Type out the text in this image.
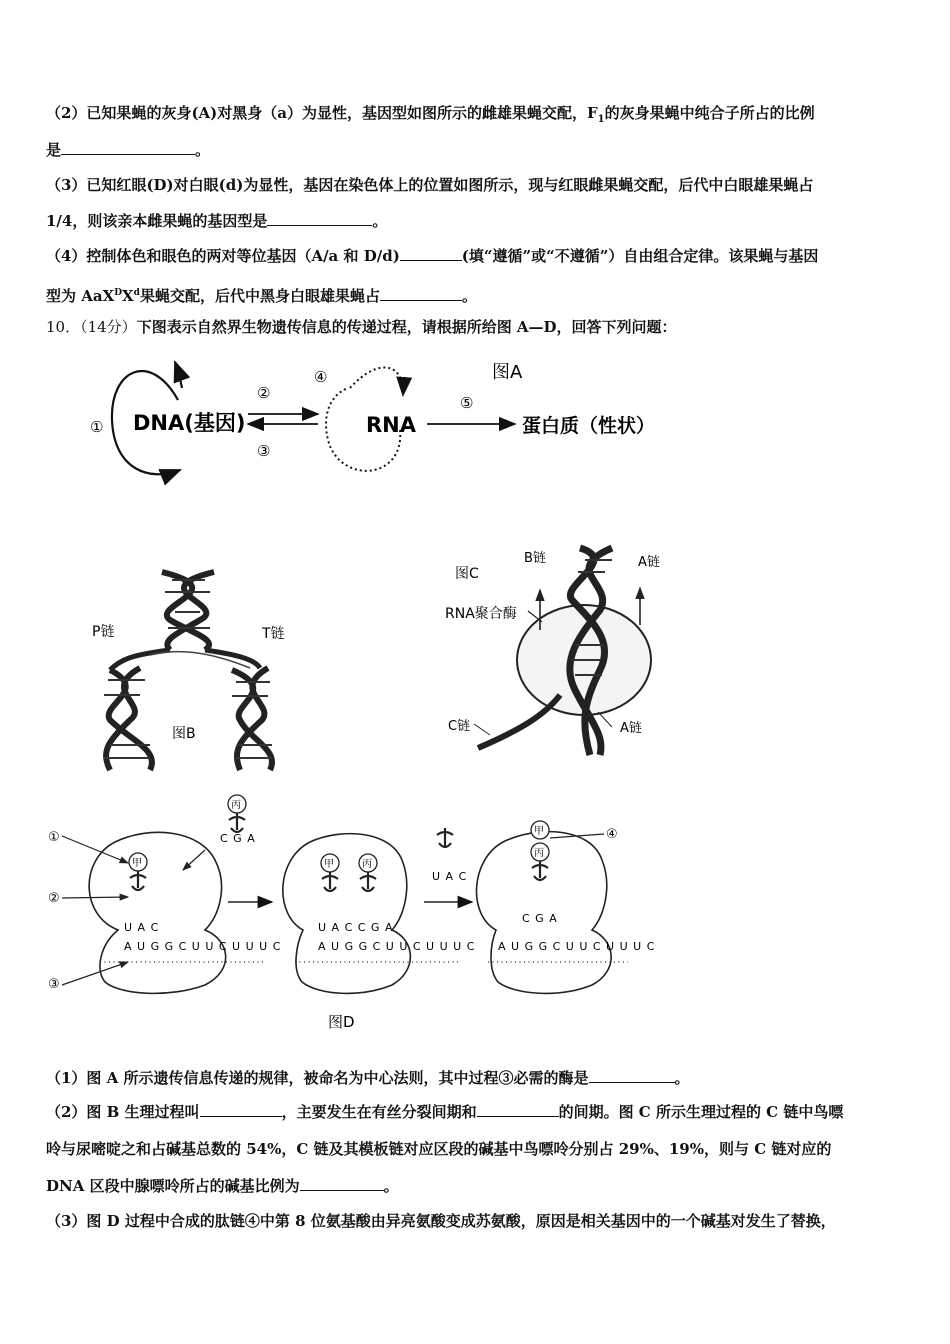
（2）已知果蝇的灰身(A)对黑身（a）为显性，基因型如图所示的雌雄果蝇交配，$F_1$的灰身果蝇中纯合子所占的比例
是	。
（3）已知红眼(D)对白眼(d)为显性，基因在染色体上的位置如图所示，现与红眼雌果蝇交配，后代中白眼雄果蝇占
1/4，则该亲本雌果蝇的基因型是	。
（4）控制体色和眼色的两对等位基因（A/a 和 D/d)	(填“遵循”或“不遵循”）自由组合定律。该果蝇与基因
型为 $AaX^DX^d$果蝇交配，后代中黑身白眼雄果蝇占	。
10．（14分）下图表示自然界生物遗传信息的传递过程，请根据所给图 A—D，回答下列问题：
图A
① DNA(基因)
②
③
④
RNA
⑤
蛋白质（性状）
P链	T链
图B
图C
B链	A链
RNA聚合酶
C链	A链
丙
C G A
①
②
③
甲
U A C
A U G G C U U C U U U C
甲	丙
U A C C G A
A U G G C U U C U U U C
U A C
④
甲
丙
C G A
A U G G C U U C U U U C
图D
（1）图 A 所示遗传信息传递的规律，被命名为中心法则，其中过程③必需的酶是	。
（2）图 B 生理过程叫	，主要发生在有丝分裂间期和	的间期。图 C 所示生理过程的 C 链中鸟嘌
呤与尿嘧啶之和占碱基总数的 54%，C 链及其模板链对应区段的碱基中鸟嘌呤分别占 29%、19%，则与 C 链对应的
DNA 区段中腺嘌呤所占的碱基比例为	。
（3）图 D 过程中合成的肽链④中第 8 位氨基酸由异亮氨酸变成苏氨酸，原因是相关基因中的一个碱基对发生了替换，
